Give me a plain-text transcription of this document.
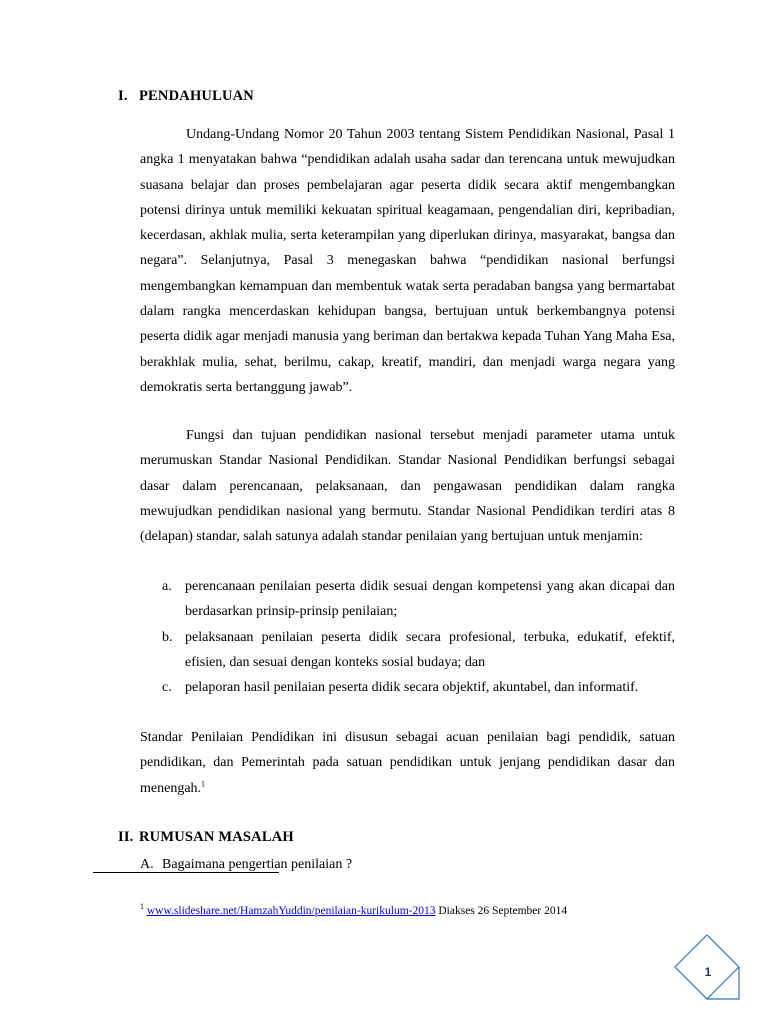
I. PENDAHULUAN
Undang-Undang Nomor 20 Tahun 2003 tentang Sistem Pendidikan Nasional, Pasal 1 angka 1 menyatakan bahwa “pendidikan adalah usaha sadar dan terencana untuk mewujudkan suasana belajar dan proses pembelajaran agar peserta didik secara aktif mengembangkan potensi dirinya untuk memiliki kekuatan spiritual keagamaan, pengendalian diri, kepribadian, kecerdasan, akhlak mulia, serta keterampilan yang diperlukan dirinya, masyarakat, bangsa dan negara”. Selanjutnya, Pasal 3 menegaskan bahwa “pendidikan nasional berfungsi mengembangkan kemampuan dan membentuk watak serta peradaban bangsa yang bermartabat dalam rangka mencerdaskan kehidupan bangsa, bertujuan untuk berkembangnya potensi peserta didik agar menjadi manusia yang beriman dan bertakwa kepada Tuhan Yang Maha Esa, berakhlak mulia, sehat, berilmu, cakap, kreatif, mandiri, dan menjadi warga negara yang demokratis serta bertanggung jawab”.
Fungsi dan tujuan pendidikan nasional tersebut menjadi parameter utama untuk merumuskan Standar Nasional Pendidikan. Standar Nasional Pendidikan berfungsi sebagai dasar dalam perencanaan, pelaksanaan, dan pengawasan pendidikan dalam rangka mewujudkan pendidikan nasional yang bermutu. Standar Nasional Pendidikan terdiri atas 8 (delapan) standar, salah satunya adalah standar penilaian yang bertujuan untuk menjamin:
a. perencanaan penilaian peserta didik sesuai dengan kompetensi yang akan dicapai dan berdasarkan prinsip-prinsip penilaian;
b. pelaksanaan penilaian peserta didik secara profesional, terbuka, edukatif, efektif, efisien, dan sesuai dengan konteks sosial budaya; dan
c. pelaporan hasil penilaian peserta didik secara objektif, akuntabel, dan informatif.
Standar Penilaian Pendidikan ini disusun sebagai acuan penilaian bagi pendidik, satuan pendidikan, dan Pemerintah pada satuan pendidikan untuk jenjang pendidikan dasar dan menengah.$^1$
II. RUMUSAN MASALAH
A. Bagaimana pengertian penilaian ?
$^1$ www.slideshare.net/HamzahYuddin/penilaian-kurikulum-2013 Diakses 26 September 2014
1
